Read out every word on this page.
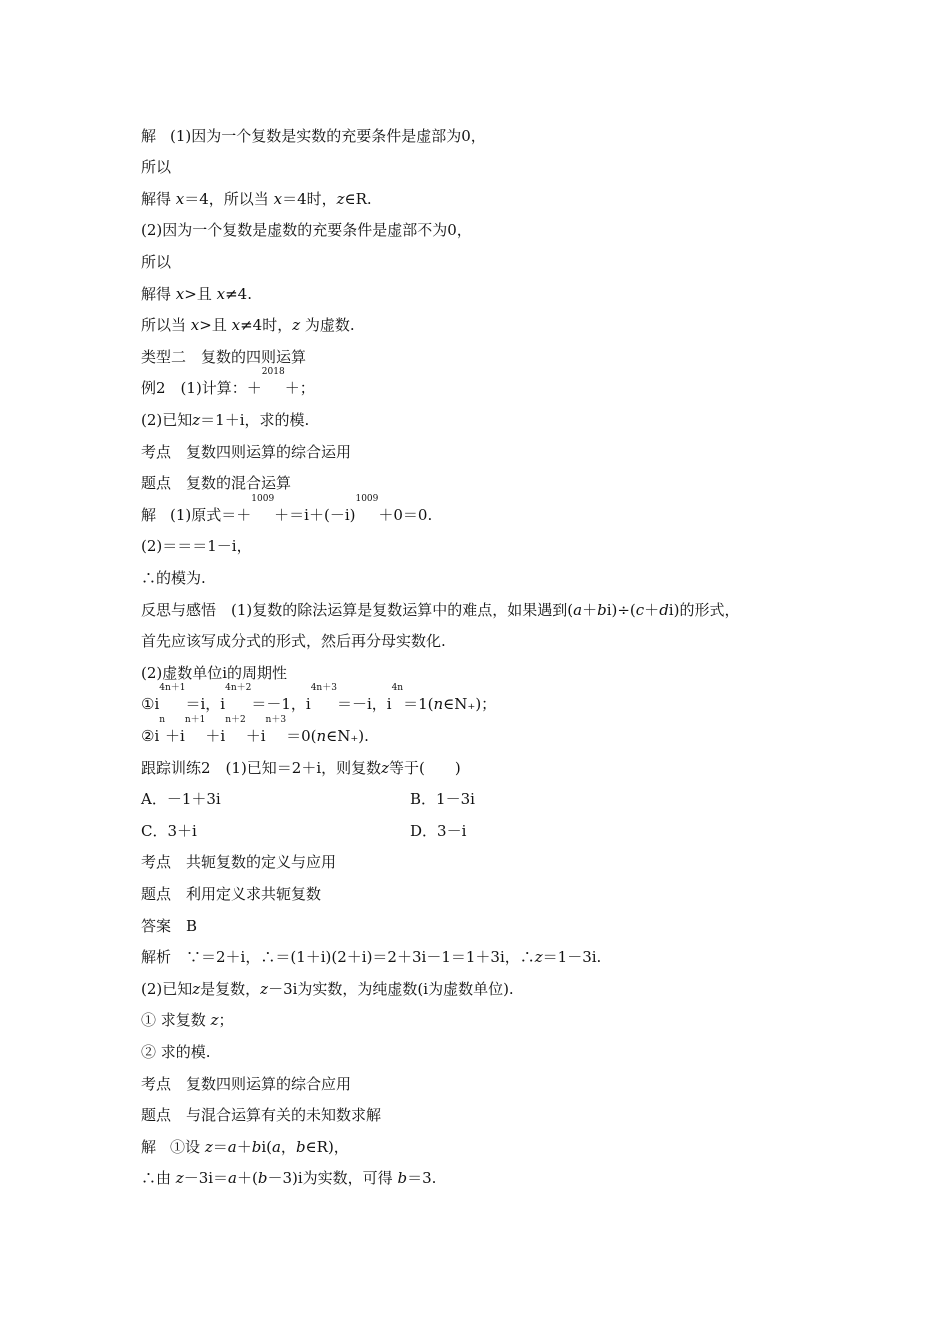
解 (1)因为一个复数是实数的充要条件是虚部为0，
所以
解得 x＝4，所以当 x＝4时，z∈R.
(2)因为一个复数是虚数的充要条件是虚部不为0，
所以
解得 x>且 x≠4.
所以当 x>且 x≠4时，z 为虚数.
类型二　复数的四则运算
例2　(1)计算：＋$^{2018}$＋；
(2)已知z＝1＋i，求的模.
考点　复数四则运算的综合运用
题点　复数的混合运算
解 (1)原式$=+^{1009}+=i+(-i)^{1009}+0=0$.
(2)＝＝＝1－i，
∴的模为.
反思与感悟　(1)复数的除法运算是复数运算中的难点，如果遇到(a＋bi)÷(c＋di)的形式，
首先应该写成分式的形式，然后再分母实数化.
(2)虚数单位i的周期性
$①i^{4n+1}=i$，$i^{4n+2}=-1$，$i^{4n+3}=-i$，$i^{4n}=1(n\in N_+)$；
$②i^n+i^{n+1}+i^{n+2}+i^{n+3}=0(n\in N_+)$.
跟踪训练2　(1)已知＝2＋i，则复数z等于(　　)
A．－1＋3i	B．1－3i
C．3＋i	D．3－i
考点　共轭复数的定义与应用
题点　利用定义求共轭复数
答案　B
解析　∵＝2＋i，∴＝(1＋i)(2＋i)＝2＋3i－1＝1＋3i，∴z＝1－3i.
(2)已知z是复数，z－3i为实数，为纯虚数(i为虚数单位).
① 求复数 z；
② 求的模.
考点　复数四则运算的综合应用
题点　与混合运算有关的未知数求解
解 ①设 z＝a＋bi(a，b∈R)，
∴由 z－3i＝a＋(b－3)i为实数，可得 b＝3.
